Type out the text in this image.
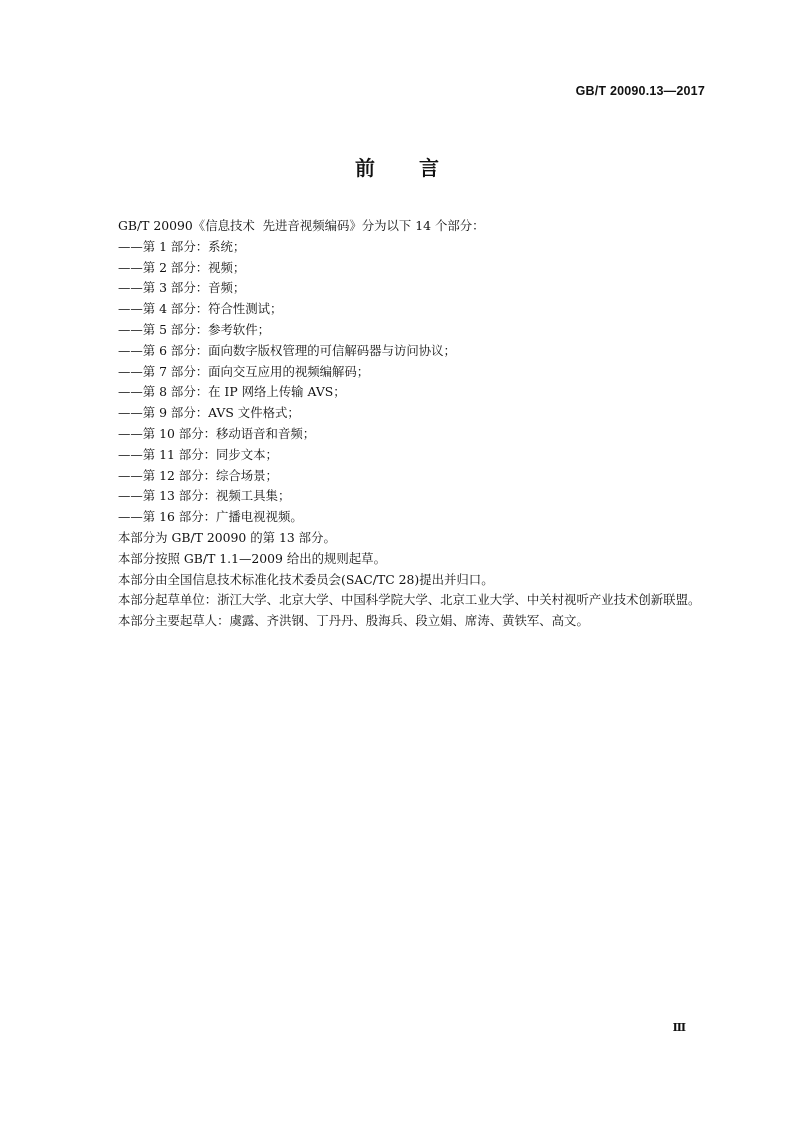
GB/T 20090.13—2017
前言

GB/T 20090《信息技术  先进音视频编码》分为以下 14 个部分：

——第 1 部分：系统；

——第 2 部分：视频；

——第 3 部分：音频；

——第 4 部分：符合性测试；

——第 5 部分：参考软件；

——第 6 部分：面向数字版权管理的可信解码器与访问协议；

——第 7 部分：面向交互应用的视频编解码；

——第 8 部分：在 IP 网络上传输 AVS；

——第 9 部分：AVS 文件格式；

——第 10 部分：移动语音和音频；

——第 11 部分：同步文本；

——第 12 部分：综合场景；

——第 13 部分：视频工具集；

——第 16 部分：广播电视视频。

本部分为 GB/T 20090 的第 13 部分。

本部分按照 GB/T 1.1—2009 给出的规则起草。

本部分由全国信息技术标准化技术委员会(SAC/TC 28)提出并归口。

本部分起草单位：浙江大学、北京大学、中国科学院大学、北京工业大学、中关村视听产业技术创新联盟。

本部分主要起草人：虞露、齐洪钢、丁丹丹、殷海兵、段立娟、席涛、黄铁军、高文。

Ⅲ
